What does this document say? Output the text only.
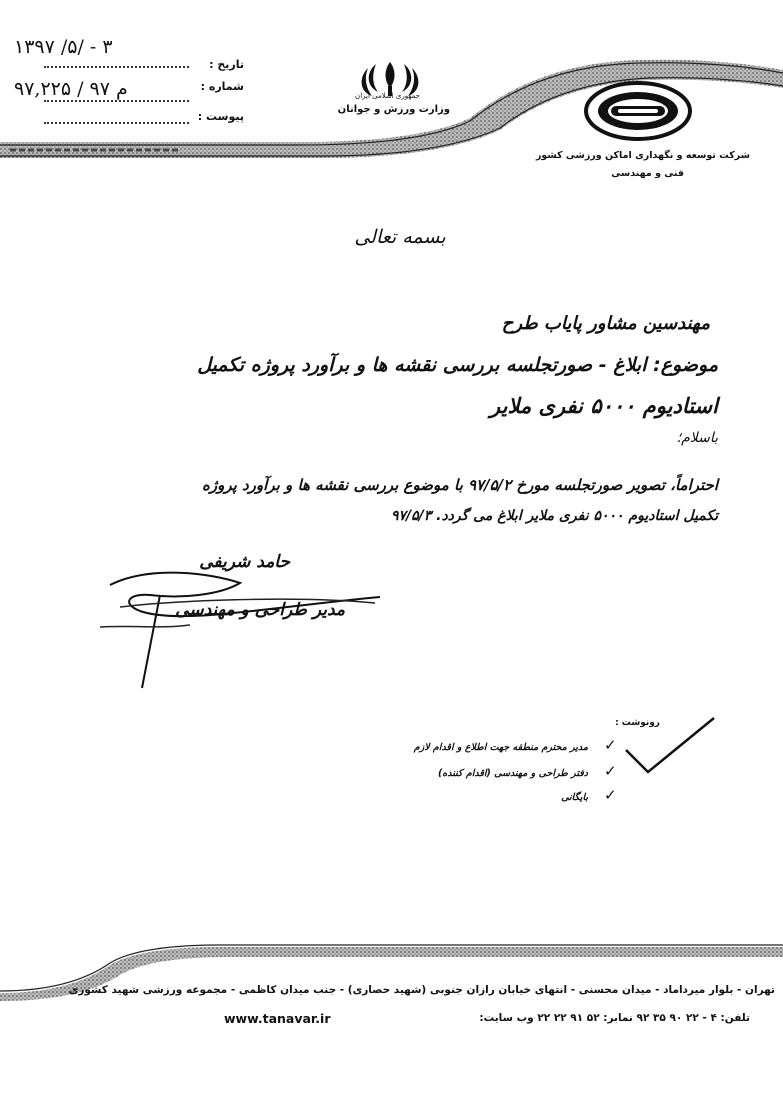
۱۳۹۷ /۵/ - ۳
تاریخ :
۹۷,۲۲۵ / ۹۷ م	شماره :
پیوست :
جمهوری اسلامی ایران
وزارت ورزش و جوانان
شرکت توسعه و نگهداری اماکن ورزشی کشور
فنی و مهندسی
بسمه تعالی
مهندسین مشاور پایاب طرح
موضوع: ابلاغ - صورتجلسه بررسی نقشه ها و برآورد پروژه تکمیل
استادیوم ۵۰۰۰ نفری ملایر
باسلام؛
احتراماً، تصویر صورتجلسه مورخ ۹۷/۵/۲ با موضوع بررسی نقشه ها و برآورد پروژه
تکمیل استادیوم ۵۰۰۰ نفری ملایر ابلاغ می گردد. ۹۷/۵/۳
حامد شریفی
مدیر طراحی و مهندسی
رونوشت :
✓
مدیر محترم منطقه جهت اطلاع و اقدام لازم
✓
دفتر طراحی و مهندسی (اقدام کننده)
✓
بایگانی
تهران - بلوار میرداماد - میدان محسنی - انتهای خیابان رازان جنوبی (شهید حصاری) - جنب میدان کاظمی - مجموعه ورزشی شهید کشوری
تلفن: ۴ - ۲۲ ۹۰ ۳۵ ۹۲ نمابر: ۵۲ ۹۱ ۲۲ ۲۲ وب سایت:
www.tanavar.ir
